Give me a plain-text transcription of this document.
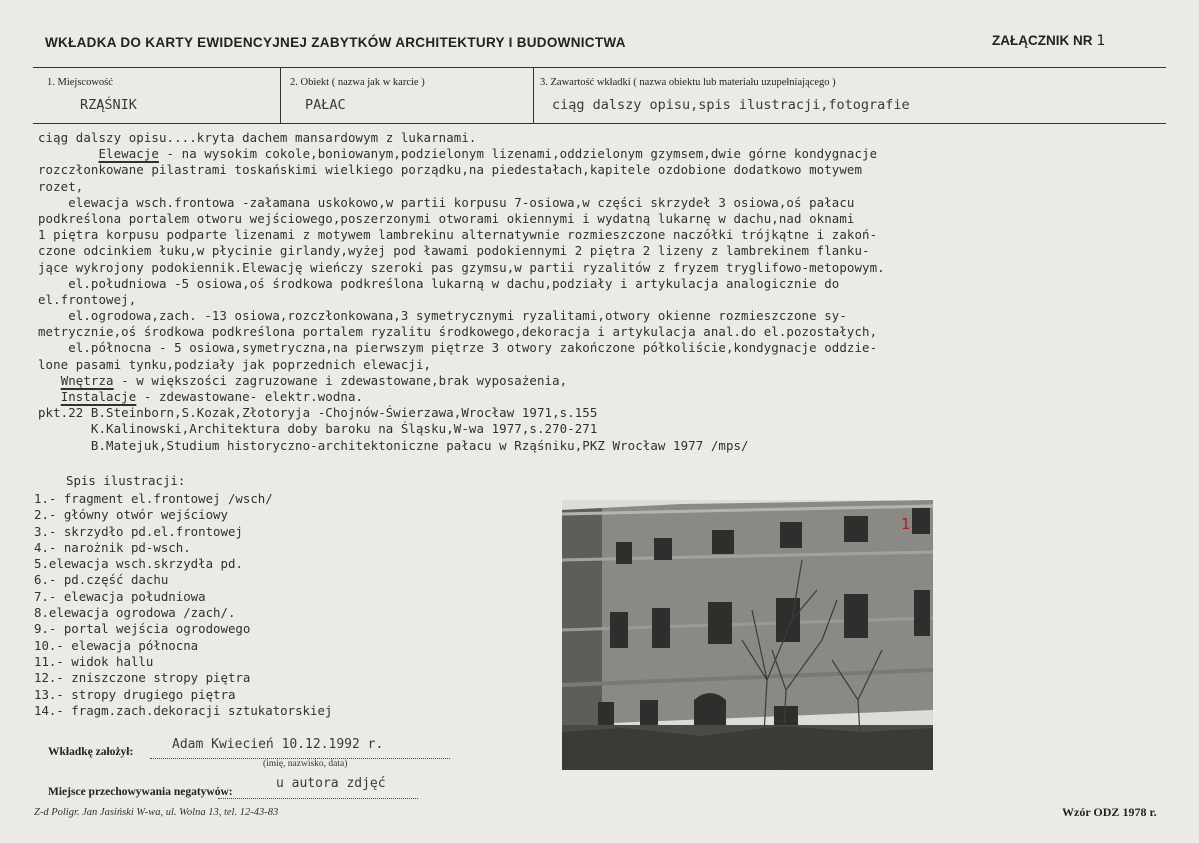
WKŁADKA DO KARTY EWIDENCYJNEJ ZABYTKÓW ARCHITEKTURY I BUDOWNICTWA	ZAŁĄCZNIK NR 1
1. Miejscowość
RZĄŚNIK
2. Obiekt ( nazwa jak w karcie )
PAŁAC
3. Zawartość wkładki ( nazwa obiektu lub materiału uzupełniającego )
ciąg dalszy opisu,spis ilustracji,fotografie
ciąg dalszy opisu....kryta dachem mansardowym z lukarnami.
Elewacje - na wysokim cokole,boniowanym,podzielonym lizenami,oddzielonym gzymsem,dwie górne kondygnacje
rozczłonkowane pilastrami toskańskimi wielkiego porządku,na piedestałach,kapitele ozdobione dodatkowo motywem
rozet,
elewacja wsch.frontowa -załamana uskokowo,w partii korpusu 7-osiowa,w części skrzydeł 3 osiowa,oś pałacu
podkreślona portalem otworu wejściowego,poszerzonymi otworami okiennymi i wydatną lukarnę w dachu,nad oknami
1 piętra korpusu podparte lizenami z motywem lambrekinu alternatywnie rozmieszczone naczółki trójkątne i zakoń-
czone odcinkiem łuku,w płycinie girlandy,wyżej pod ławami podokiennymi 2 piętra 2 lizeny z lambrekinem flanku-
jące wykrojony podokiennik.Elewację wieńczy szeroki pas gzymsu,w partii ryzalitów z fryzem tryglifowo-metopowym.
el.południowa -5 osiowa,oś środkowa podkreślona lukarną w dachu,podziały i artykulacja analogicznie do
el.frontowej,
el.ogrodowa,zach. -13 osiowa,rozczłonkowana,3 symetrycznymi ryzalitami,otwory okienne rozmieszczone sy-
metrycznie,oś środkowa podkreślona portalem ryzalitu środkowego,dekoracja i artykulacja anal.do el.pozostałych,
el.północna - 5 osiowa,symetryczna,na pierwszym piętrze 3 otwory zakończone półkoliście,kondygnacje oddzie-
lone pasami tynku,podziały jak poprzednich elewacji,
Wnętrza - w większości zagruzowane i zdewastowane,brak wyposażenia,
Instalacje - zdewastowane- elektr.wodna.
pkt.22 B.Steinborn,S.Kozak,Złotoryja -Chojnów-Świerzawa,Wrocław 1971,s.155
K.Kalinowski,Architektura doby baroku na Śląsku,W-wa 1977,s.270-271
B.Matejuk,Studium historyczno-architektoniczne pałacu w Rząśniku,PKZ Wrocław 1977 /mps/
Spis ilustracji:
1.- fragment el.frontowej /wsch/
2.- główny otwór wejściowy
3.- skrzydło pd.el.frontowej
4.- narożnik pd-wsch.
5.elewacja wsch.skrzydła pd.
6.- pd.część dachu
7.- elewacja południowa
8.elewacja ogrodowa /zach/.
9.- portal wejścia ogrodowego
10.- elewacja północna
11.- widok hallu
12.- zniszczone stropy piętra
13.- stropy drugiego piętra
14.- fragm.zach.dekoracji sztukatorskiej
1
Wkładkę założył:	Adam Kwiecień 10.12.1992 r.
(imię, nazwisko, data)
Miejsce przechowywania negatywów:
u autora zdjęć
Z-d Poligr. Jan Jasiński W-wa, ul. Wolna 13, tel. 12-43-83	Wzór ODZ 1978 r.
